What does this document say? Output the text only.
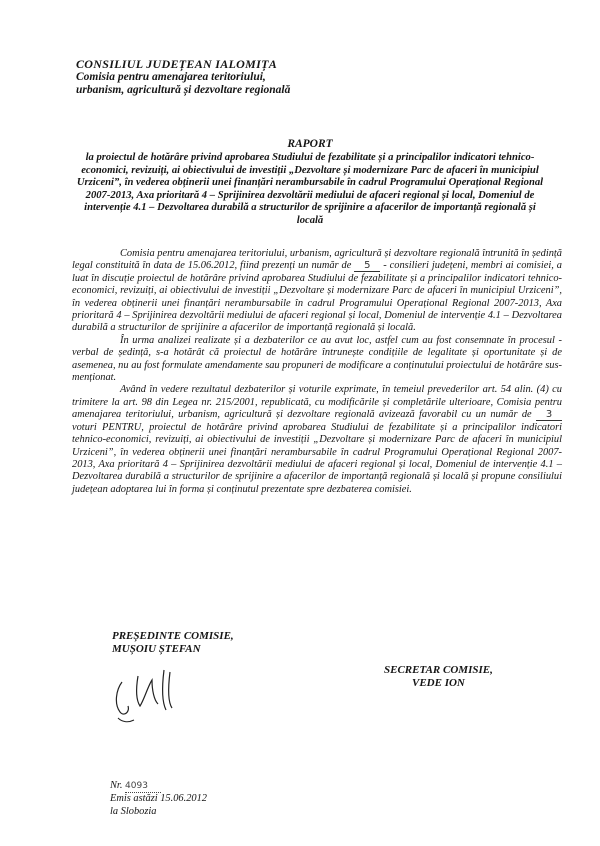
CONSILIUL JUDEȚEAN IALOMIȚA
Comisia pentru amenajarea teritoriului,
urbanism, agricultură și dezvoltare regională
RAPORT
la proiectul de hotărâre privind aprobarea Studiului de fezabilitate și a principalilor indicatori tehnico-economici, revizuiți, ai obiectivului de investiții „Dezvoltare și modernizare Parc de afaceri în municipiul Urziceni”, în vederea obținerii unei finanțări nerambursabile în cadrul Programului Operațional Regional 2007-2013, Axa prioritară 4 – Sprijinirea dezvoltării mediului de afaceri regional și local, Domeniul de intervenție 4.1 – Dezvoltarea durabilă a structurilor de sprijinire a afacerilor de importanță regională și locală

Comisia pentru amenajarea teritoriului, urbanism, agricultură și dezvoltare regională întrunită în ședință legal constituită în data de 15.06.2012, fiind prezenți un număr de 5 - consilieri județeni, membri ai comisiei, a luat în discuție proiectul de hotărâre privind aprobarea Studiului de fezabilitate și a principalilor indicatori tehnico-economici, revizuiți, ai obiectivului de investiții „Dezvoltare și modernizare Parc de afaceri în municipiul Urziceni”, în vederea obținerii unei finanțări nerambursabile în cadrul Programului Operațional Regional 2007-2013, Axa prioritară 4 – Sprijinirea dezvoltării mediului de afaceri regional și local, Domeniul de intervenție 4.1 – Dezvoltarea durabilă a structurilor de sprijinire a afacerilor de importanță regională și locală.

În urma analizei realizate și a dezbaterilor ce au avut loc, astfel cum au fost consemnate în procesul - verbal de ședință, s-a hotărât că proiectul de hotărâre întrunește condițiile de legalitate și oportunitate și de asemenea, nu au fost formulate amendamente sau propuneri de modificare a conținutului proiectului de hotărâre sus-menționat.

Având în vedere rezultatul dezbaterilor și voturile exprimate, în temeiul prevederilor art. 54 alin. (4) cu trimitere la art. 98 din Legea nr. 215/2001, republicată, cu modificările și completările ulterioare, Comisia pentru amenajarea teritoriului, urbanism, agricultură și dezvoltare regională avizează favorabil cu un număr de 3 voturi PENTRU, proiectul de hotărâre privind aprobarea Studiului de fezabilitate și a principalilor indicatori tehnico-economici, revizuiți, ai obiectivului de investiții „Dezvoltare și modernizare Parc de afaceri în municipiul Urziceni”, în vederea obținerii unei finanțări nerambursabile în cadrul Programului Operațional Regional 2007-2013, Axa prioritară 4 – Sprijinirea dezvoltării mediului de afaceri regional și local, Domeniul de intervenție 4.1 – Dezvoltarea durabilă a structurilor de sprijinire a afacerilor de importanță regională și locală și propune consiliului județean adoptarea lui în forma și conținutul prezentate spre dezbaterea comisiei.

PREȘEDINTE COMISIE,
MUȘOIU ȘTEFAN
SECRETAR COMISIE,
VEDE ION
Nr. 4093
Emis astăzi 15.06.2012
la Slobozia
